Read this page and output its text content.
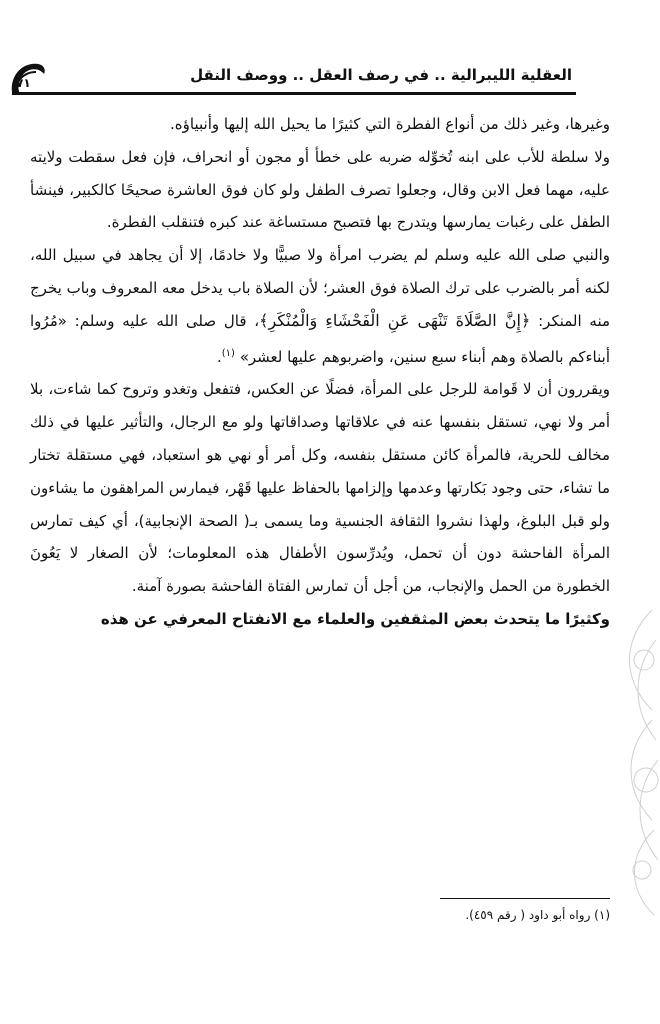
العقلية الليبرالية .. في رصف العقل .. ووصف النقل
٧١

وغيرها، وغير ذلك من أنواع الفطرة التي كثيرًا ما يحيل الله إليها وأنبياؤه.

ولا سلطة للأب على ابنه تُخوِّله ضربه على خطأ أو مجون أو انحراف، فإن فعل سقطت ولايته عليه، مهما فعل الابن وقال، وجعلوا تصرف الطفل ولو كان فوق العاشرة صحيحًا كالكبير، فينشأ الطفل على رغبات يمارسها ويتدرج بها فتصبح مستساغة عند كبره فتنقلب الفطرة.

والنبي صلى الله عليه وسلم لم يضرب امرأة ولا صبيًّا ولا خادمًا، إلا أن يجاهد في سبيل الله، لكنه أمر بالضرب على ترك الصلاة فوق العشر؛ لأن الصلاة باب يدخل معه المعروف وباب يخرج منه المنكر: ﴿إِنَّ الصَّلَاةَ تَنْهَى عَنِ الْفَحْشَاءِ وَالْمُنْكَرِ﴾، قال صلى الله عليه وسلم: «مُرُوا أبناءكم بالصلاة وهم أبناء سبع سنين، واضربوهم عليها لعشر» $^{(١)}$.

ويقررون أن لا قَوامة للرجل على المرأة، فضلًا عن العكس، فتفعل وتغدو وتروح كما شاءت، بلا أمر ولا نهي، تستقل بنفسها عنه في علاقاتها وصداقاتها ولو مع الرجال، والتأثير عليها في ذلك مخالف للحرية، فالمرأة كائن مستقل بنفسه، وكل أمر أو نهي هو استعباد، فهي مستقلة تختار ما تشاء، حتى وجود بَكارتها وعدمها وإلزامها بالحفاظ عليها قَهْر، فيمارس المراهقون ما يشاءون ولو قبل البلوغ، ولهذا نشروا الثقافة الجنسية وما يسمى بـ( الصحة الإنجابية)، أي كيف تمارس المرأة الفاحشة دون أن تحمل، ويُدرِّسون الأطفال هذه المعلومات؛ لأن الصغار لا يَعُونَ الخطورة من الحمل والإنجاب، من أجل أن تمارس الفتاة الفاحشة بصورة آمنة.

وكثيرًا ما يتحدث بعض المثقفين والعلماء مع الانفتاح المعرفي عن هذه

(١) رواه أبو داود ( رقم ٤٥٩).
